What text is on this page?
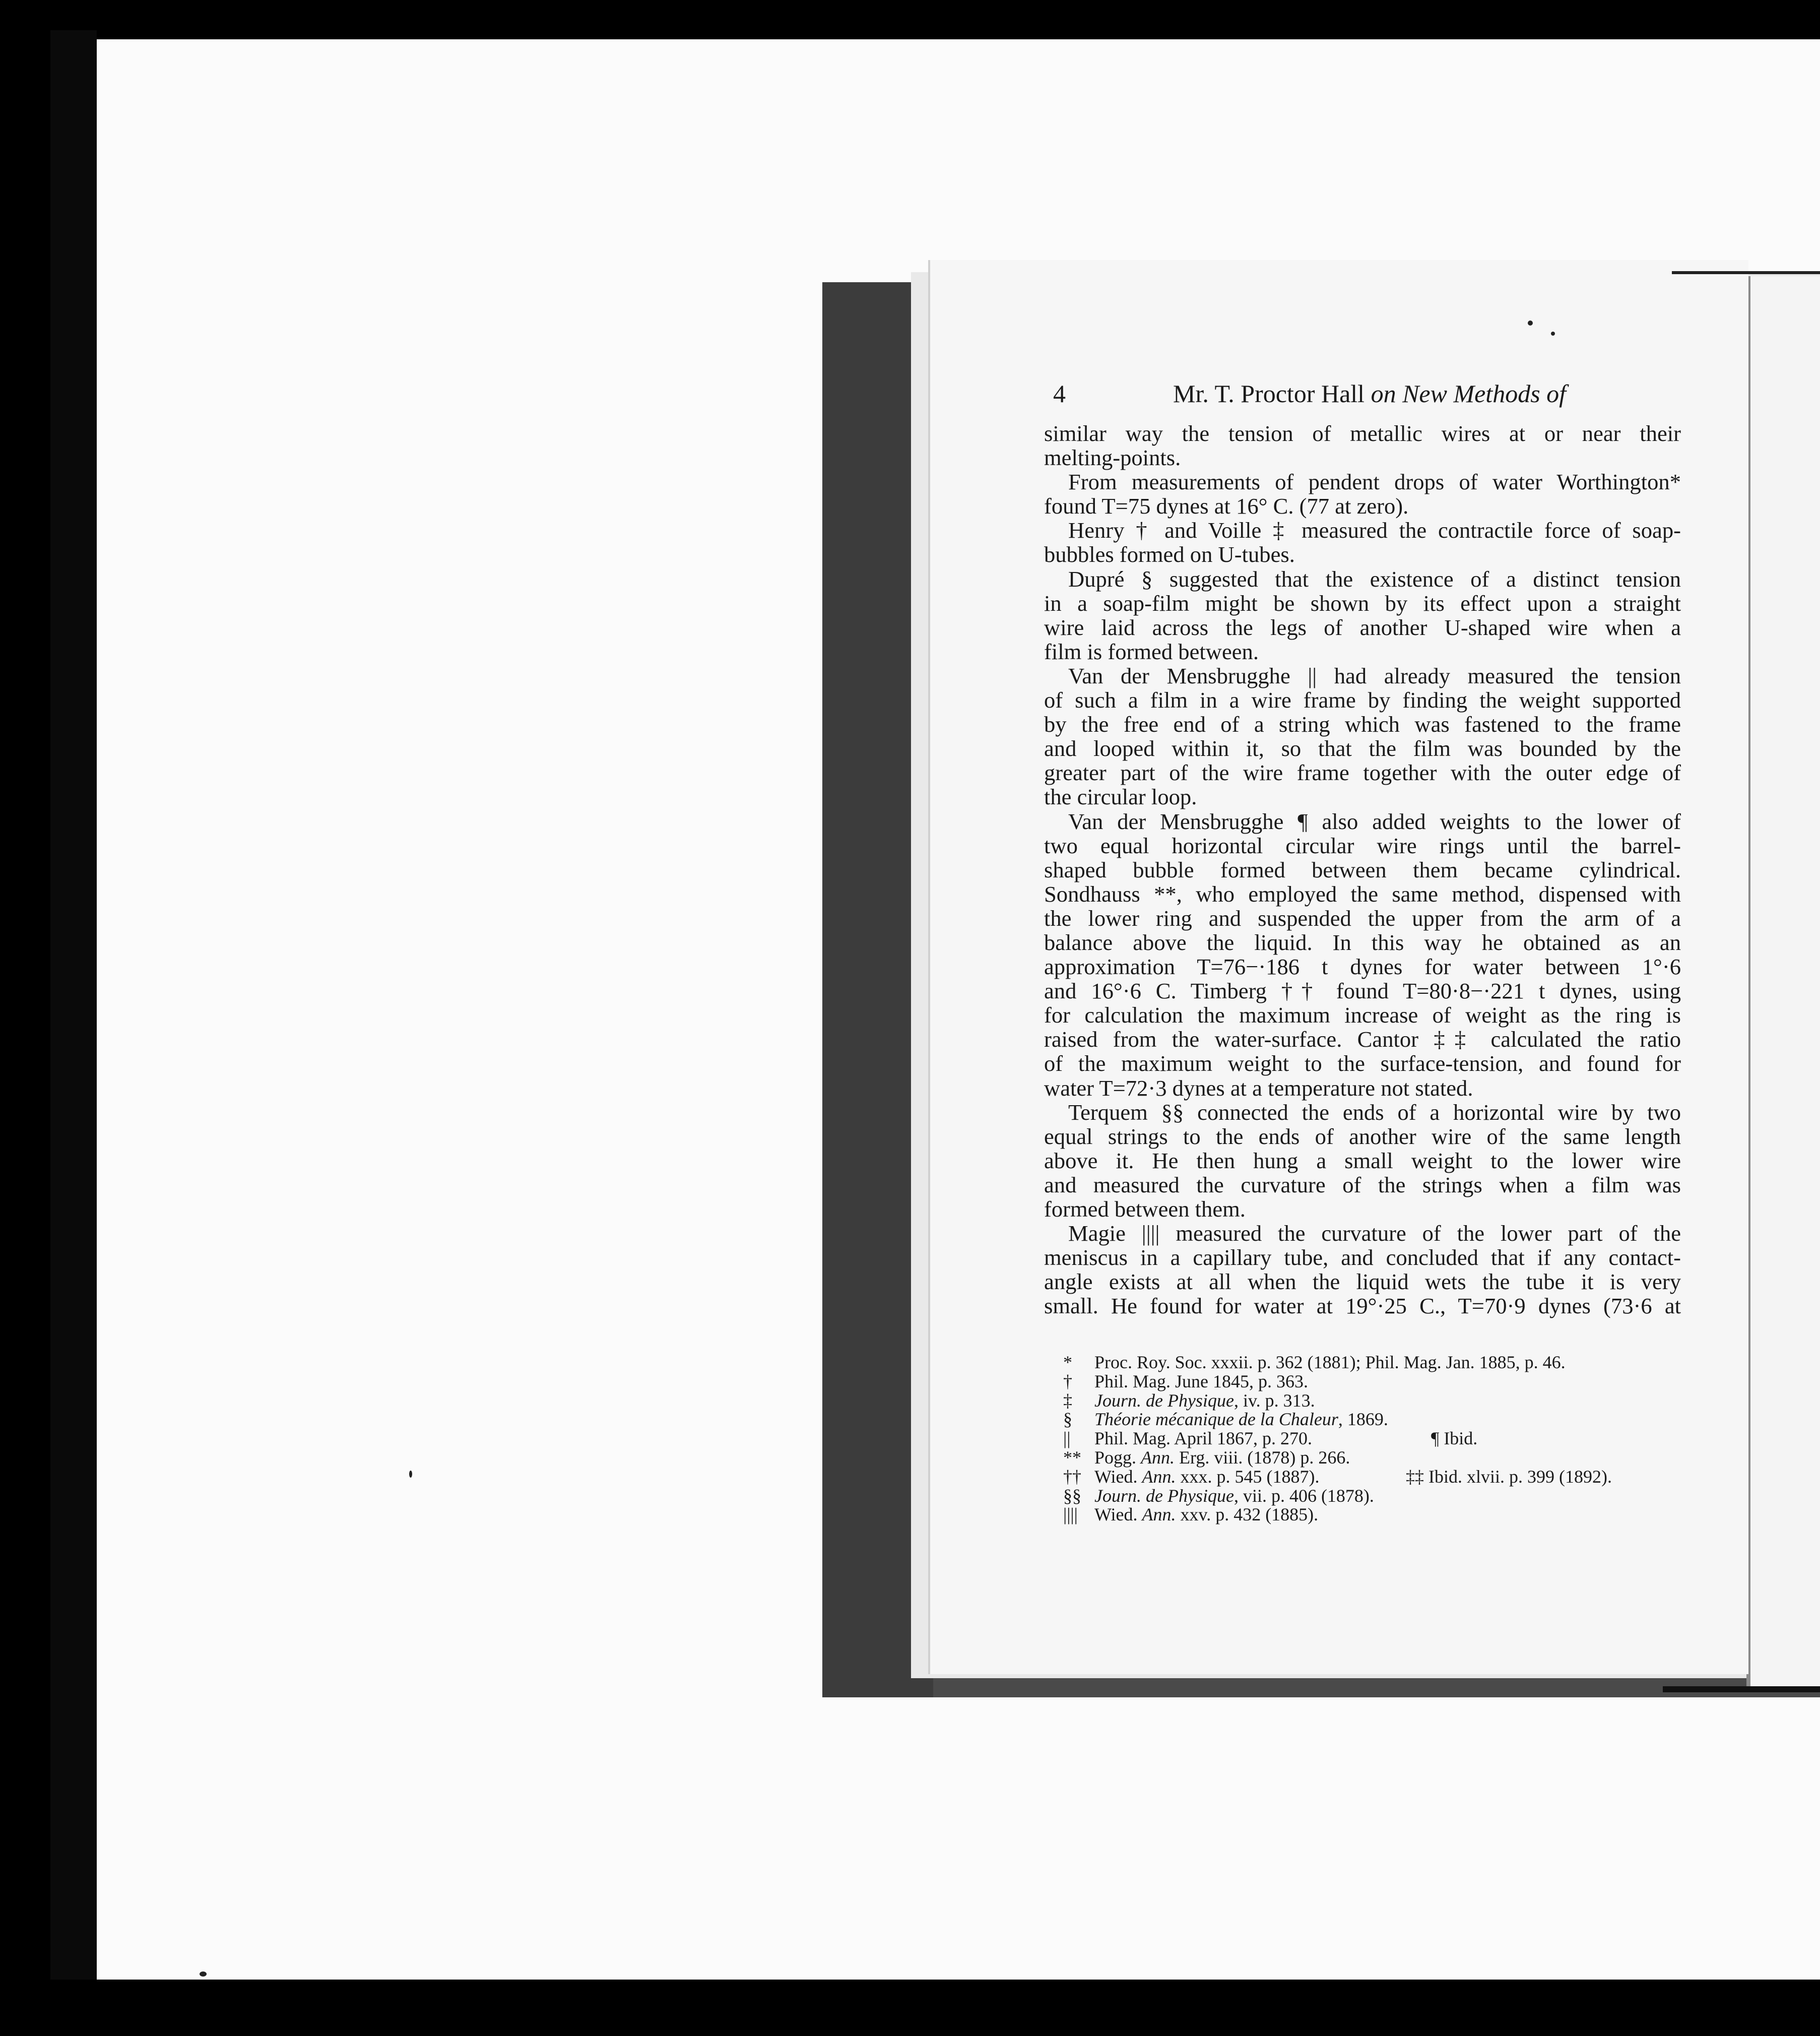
4	Mr. T. Proctor Hall on New Methods of
similar way the tension of metallic wires at or near their
melting-points.
From measurements of pendent drops of water Worthington*
found T=75 dynes at 16° C. (77 at zero).
Henry † and Voille ‡ measured the contractile force of soap-
bubbles formed on U-tubes.
Dupré § suggested that the existence of a distinct tension
in a soap-film might be shown by its effect upon a straight
wire laid across the legs of another U-shaped wire when a
film is formed between.
Van der Mensbrugghe || had already measured the tension
of such a film in a wire frame by finding the weight supported
by the free end of a string which was fastened to the frame
and looped within it, so that the film was bounded by the
greater part of the wire frame together with the outer edge of
the circular loop.
Van der Mensbrugghe ¶ also added weights to the lower of
two equal horizontal circular wire rings until the barrel-
shaped bubble formed between them became cylindrical.
Sondhauss **, who employed the same method, dispensed with
the lower ring and suspended the upper from the arm of a
balance above the liquid. In this way he obtained as an
approximation T=76−·186 t dynes for water between 1°·6
and 16°·6 C. Timberg †† found T=80·8−·221 t dynes, using
for calculation the maximum increase of weight as the ring is
raised from the water-surface. Cantor ‡‡ calculated the ratio
of the maximum weight to the surface-tension, and found for
water T=72·3 dynes at a temperature not stated.
Terquem §§ connected the ends of a horizontal wire by two
equal strings to the ends of another wire of the same length
above it. He then hung a small weight to the lower wire
and measured the curvature of the strings when a film was
formed between them.
Magie |||| measured the curvature of the lower part of the
meniscus in a capillary tube, and concluded that if any contact-
angle exists at all when the liquid wets the tube it is very
small. He found for water at 19°·25 C., T=70·9 dynes (73·6 at
* Proc. Roy. Soc. xxxii. p. 362 (1881); Phil. Mag. Jan. 1885, p. 46.
† Phil. Mag. June 1845, p. 363.
‡ Journ. de Physique, iv. p. 313.
§ Théorie mécanique de la Chaleur, 1869.
|| Phil. Mag. April 1867, p. 270.	¶ Ibid.
** Pogg. Ann. Erg. viii. (1878) p. 266.
†† Wied. Ann. xxx. p. 545 (1887).	‡‡ Ibid. xlvii. p. 399 (1892).
§§ Journ. de Physique, vii. p. 406 (1878).
|||| Wied. Ann. xxv. p. 432 (1885).
